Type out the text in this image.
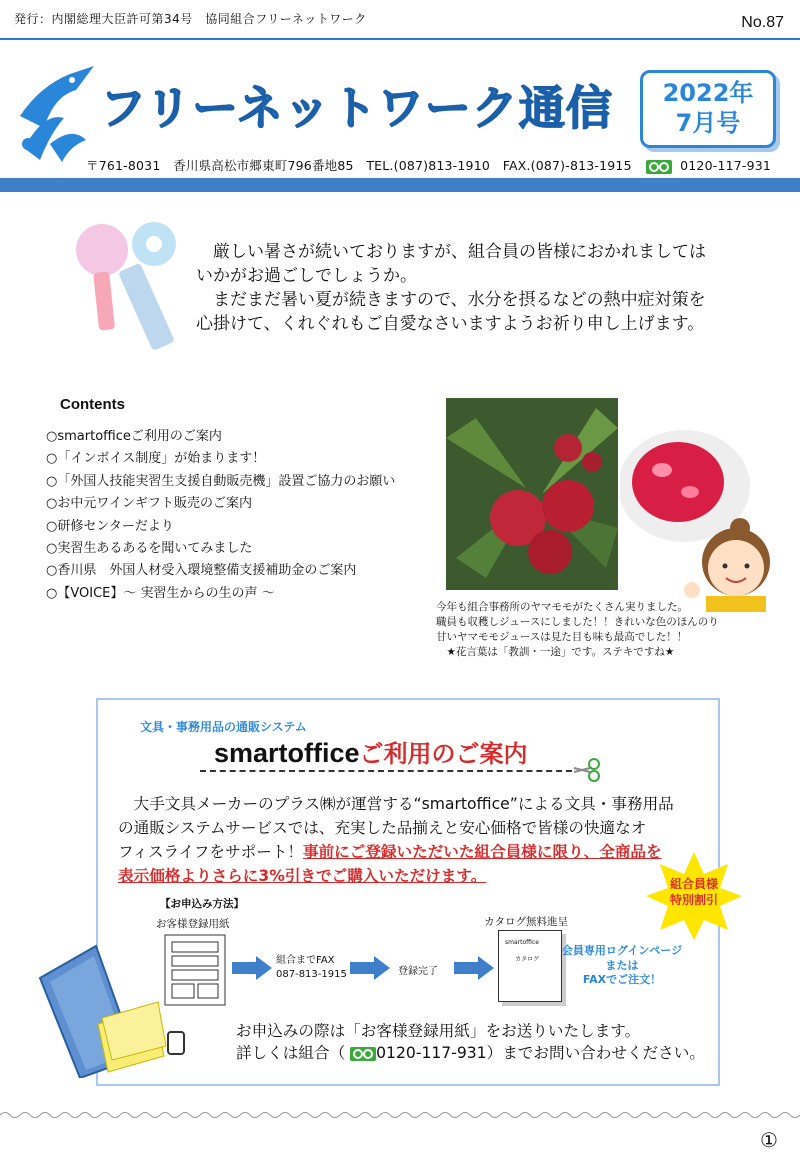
発行：内閣総理大臣許可第34号　協同組合フリーネットワーク	No.87
フリーネットワーク通信	2022年
7月号
〒761-8031　香川県高松市郷東町796番地85　TEL.(087)813-1910　FAX.(087)-813-1915	0120-117-931

　厳しい暑さが続いておりますが、組合員の皆様におかれましては

いかがお過ごしでしょうか。

　まだまだ暑い夏が続きますので、水分を摂るなどの熱中症対策を

心掛けて、くれぐれもご自愛なさいますようお祈り申し上げます。

Contents
○smartofficeご利用のご案内
○「インボイス制度」が始まります！
○「外国人技能実習生支援自動販売機」設置ご協力のお願い
○お中元ワインギフト販売のご案内
○研修センターだより
○実習生あるあるを聞いてみました
○香川県　外国人材受入環境整備支援補助金のご案内
○【VOICE】～ 実習生からの生の声 ～
今年も組合事務所のヤマモモがたくさん実りました。
職員も収穫しジュースにしました！！きれいな色のほんのり
甘いヤマモモジュースは見た目も味も最高でした！！
　★花言葉は「教訓・一途」です。ステキですね★
文具・事務用品の通販システム
smartofficeご利用のご案内
　大手文具メーカーのプラス㈱が運営する“smartoffice”による文具・事務用品
の通販システムサービスでは、充実した品揃えと安心価格で皆様の快適なオ
フィスライフをサポート！事前にご登録いただいた組合員様に限り、全商品を
表示価格よりさらに3%引きでご購入いただけます。	組合員様
特別割引
【お申込み方法】
お客様登録用紙
組合までFAX
087-813-1915	登録完了
カタログ無料進呈
smartoffice
カタログ
会員専用ログインページ
または
FAXでご注文！
お申込みの際は「お客様登録用紙」をお送りいたします。
詳しくは組合（ 0120-117-931）までお問い合わせください。
①
